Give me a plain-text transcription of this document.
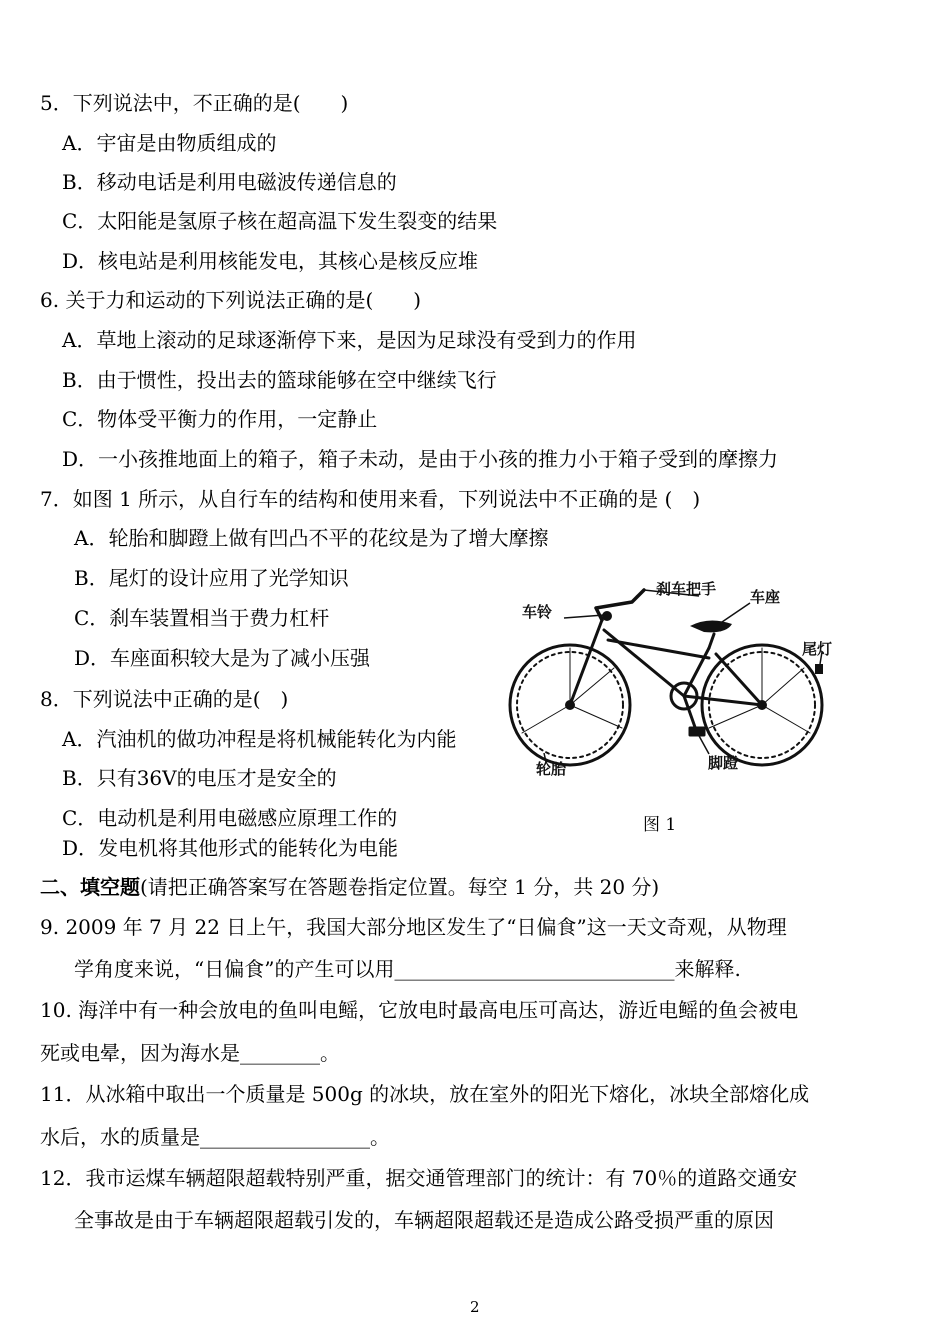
5．下列说法中，不正确的是(　　)
A．宇宙是由物质组成的
B．移动电话是利用电磁波传递信息的
C．太阳能是氢原子核在超高温下发生裂变的结果
D．核电站是利用核能发电，其核心是核反应堆
6. 关于力和运动的下列说法正确的是(　　)
A．草地上滚动的足球逐渐停下来，是因为足球没有受到力的作用
B．由于惯性，投出去的篮球能够在空中继续飞行
C．物体受平衡力的作用，一定静止
D．一小孩推地面上的箱子，箱子未动，是由于小孩的推力小于箱子受到的摩擦力
7．如图 1 所示，从自行车的结构和使用来看，下列说法中不正确的是 (　)
A．轮胎和脚蹬上做有凹凸不平的花纹是为了增大摩擦
B．尾灯的设计应用了光学知识
C．刹车装置相当于费力杠杆
D．车座面积较大是为了减小压强
8．下列说法中正确的是(　)
A．汽油机的做功冲程是将机械能转化为内能
B．只有36V的电压才是安全的
C．电动机是利用电磁感应原理工作的
D．发电机将其他形式的能转化为电能
车铃
刹车把手 车座
尾灯
轮胎	脚蹬
图 1
二、填空题(请把正确答案写在答题卷指定位置。每空 1 分，共 20 分)
9. 2009 年 7 月 22 日上午，我国大部分地区发生了“日偏食”这一天文奇观，从物理
学角度来说，“日偏食”的产生可以用____________________________来解释.
10. 海洋中有一种会放电的鱼叫电鳐，它放电时最高电压可高达，游近电鳐的鱼会被电
死或电晕，因为海水是________。
11．从冰箱中取出一个质量是 500g 的冰块，放在室外的阳光下熔化，冰块全部熔化成
水后，水的质量是_________________。
12．我市运煤车辆超限超载特别严重，据交通管理部门的统计：有 70％的道路交通安
全事故是由于车辆超限超载引发的，车辆超限超载还是造成公路受损严重的原因
2
